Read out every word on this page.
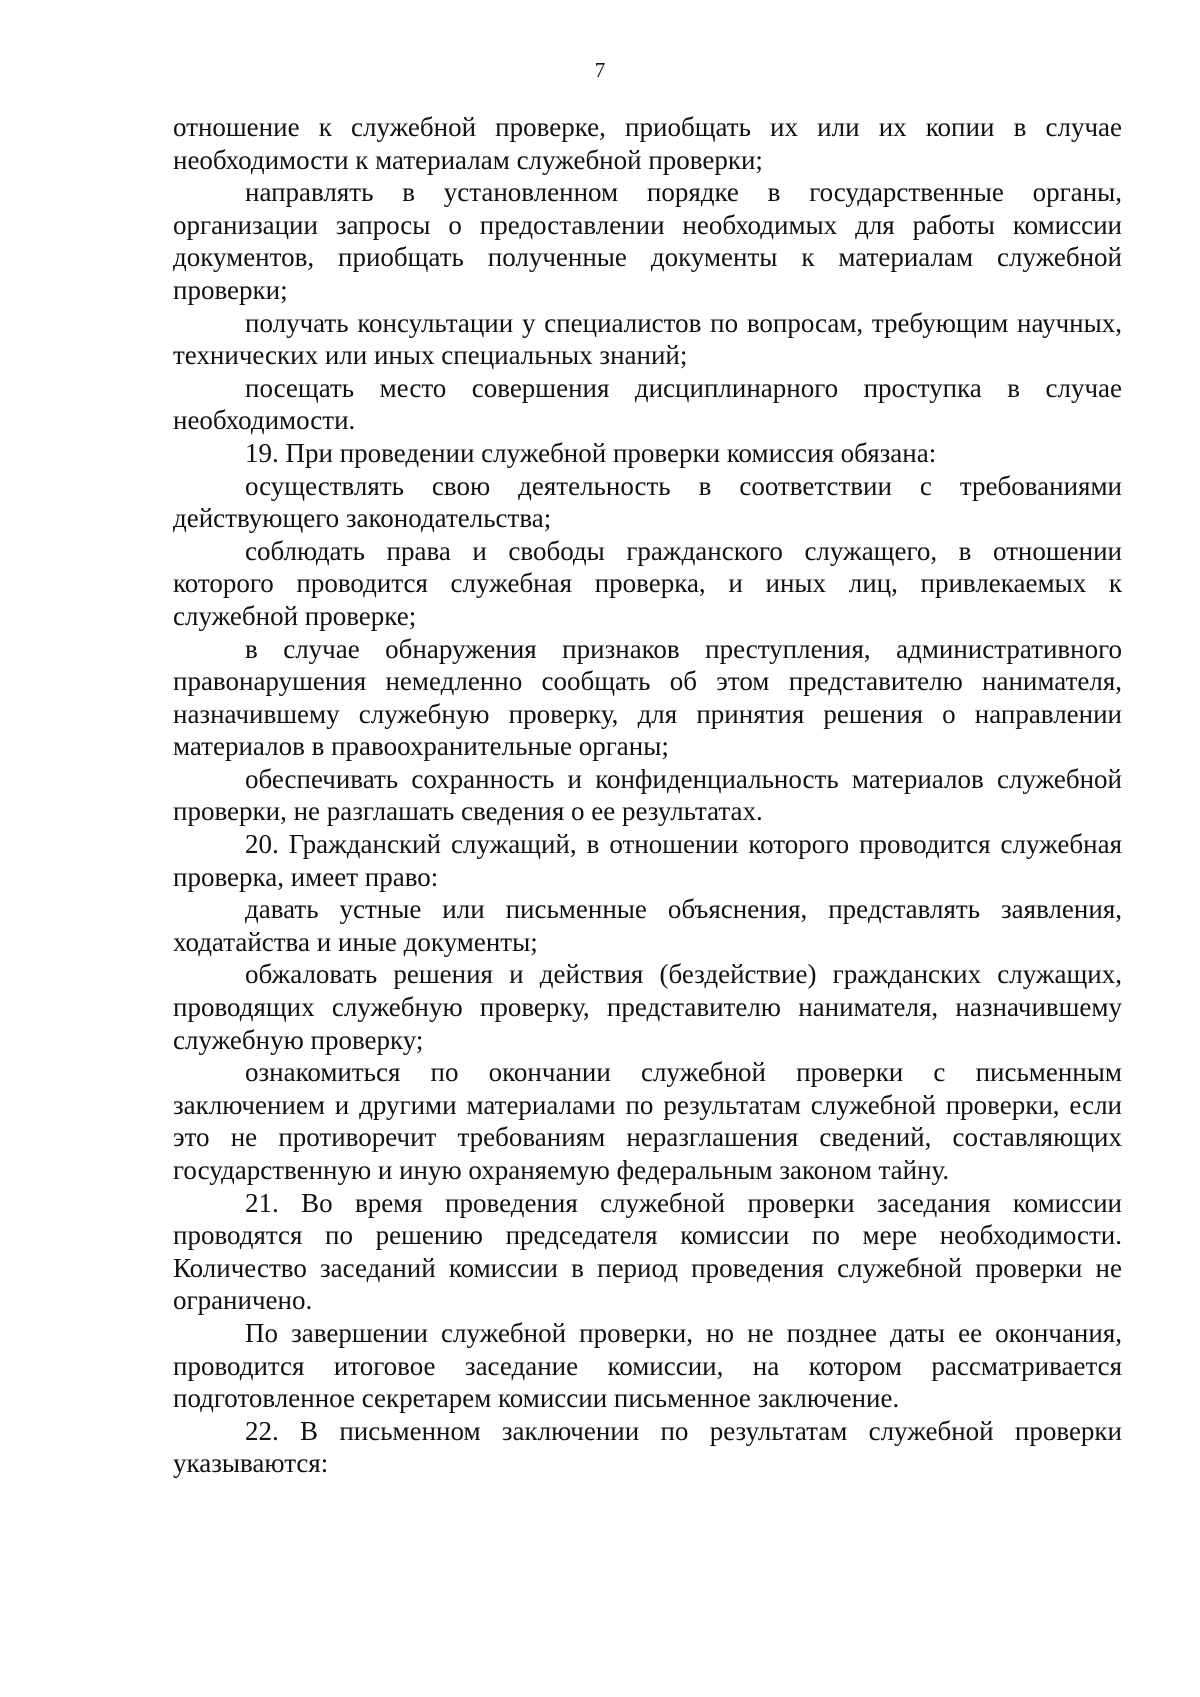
7

отношение к служебной проверке, приобщать их или их копии в случае необходимости к материалам служебной проверки;

направлять в установленном порядке в государственные органы, организации запросы о предоставлении необходимых для работы комиссии документов, приобщать полученные документы к материалам служебной проверки;

получать консультации у специалистов по вопросам, требующим научных, технических или иных специальных знаний;

посещать место совершения дисциплинарного проступка в случае необходимости.

19. При проведении служебной проверки комиссия обязана:

осуществлять свою деятельность в соответствии с требованиями действующего законодательства;

соблюдать права и свободы гражданского служащего, в отношении которого проводится служебная проверка, и иных лиц, привлекаемых к служебной проверке;

в случае обнаружения признаков преступления, административного правонарушения немедленно сообщать об этом представителю нанимателя, назначившему служебную проверку, для принятия решения о направлении материалов в правоохранительные органы;

обеспечивать сохранность и конфиденциальность материалов служебной проверки, не разглашать сведения о ее результатах.

20. Гражданский служащий, в отношении которого проводится служебная проверка, имеет право:

давать устные или письменные объяснения, представлять заявления, ходатайства и иные документы;

обжаловать решения и действия (бездействие) гражданских служащих, проводящих служебную проверку, представителю нанимателя, назначившему служебную проверку;

ознакомиться по окончании служебной проверки с письменным заключением и другими материалами по результатам служебной проверки, если это не противоречит требованиям неразглашения сведений, составляющих государственную и иную охраняемую федеральным законом тайну.

21. Во время проведения служебной проверки заседания комиссии проводятся по решению председателя комиссии по мере необходимости. Количество заседаний комиссии в период проведения служебной проверки не ограничено.

По завершении служебной проверки, но не позднее даты ее окончания, проводится итоговое заседание комиссии, на котором рассматривается подготовленное секретарем комиссии письменное заключение.

22. В письменном заключении по результатам служебной проверки указываются:
